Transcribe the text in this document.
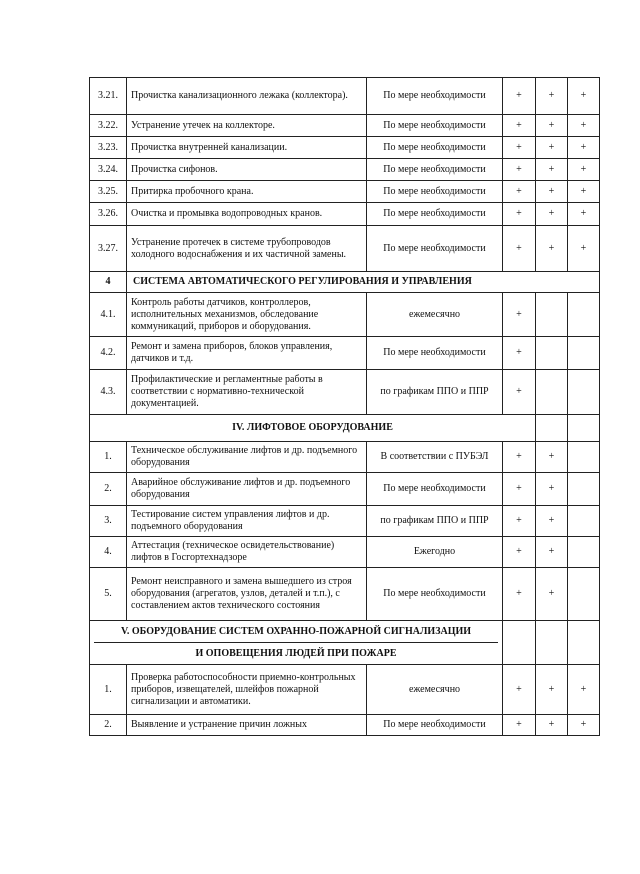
3.21.	Прочистка канализационного лежака (коллектора).	По мере необходимости	+	+	+
3.22.	Устранение утечек на коллекторе.	По мере необходимости	+	+	+
3.23.	Прочистка внутренней канализации.	По мере необходимости	+	+	+
3.24.	Прочистка сифонов.	По мере необходимости	+	+	+
3.25.	Притирка пробочного крана.	По мере необходимости	+	+	+
3.26.	Очистка и промывка водопроводных кранов.	По мере необходимости	+	+	+
3.27.	Устранение протечек в системе трубопроводов холодного водоснабжения и их частичной замены.	По мере необходимости	+	+	+
4	СИСТЕМА АВТОМАТИЧЕСКОГО РЕГУЛИРОВАНИЯ И УПРАВЛЕНИЯ				
4.1.	Контроль работы датчиков, контроллеров, исполнительных механизмов, обследование коммуникаций, приборов и оборудования.	ежемесячно	+		
4.2.	Ремонт и замена приборов, блоков управления, датчиков и т.д.	По мере необходимости	+		
4.3.	Профилактические и регламентные работы в соответствии с нормативно-технической документацией.	по графикам ППО и ППР	+		
IV. ЛИФТОВОЕ ОБОРУДОВАНИЕ					
1.	Техническое обслуживание лифтов и др. подъемного оборудования	В соответствии с ПУБЭЛ	+	+	
2.	Аварийное обслуживание лифтов и др. подъемного оборудования	По мере необходимости	+	+	
3.	Тестирование систем управления лифтов и др. подъемного оборудования	по графикам ППО и ППР	+	+	
4.	Аттестация (техническое освидетельствование) лифтов в Госгортехнадзоре	Ежегодно	+	+	
5.	Ремонт неисправного и замена вышедшего из строя оборудования (агрегатов, узлов, деталей и т.п.), с составлением актов технического состояния	По мере необходимости	+	+	

V. ОБОРУДОВАНИЕ СИСТЕМ ОХРАННО-ПОЖАРНОЙ СИГНАЛИЗАЦИИ
И ОПОВЕЩЕНИЯ ЛЮДЕЙ ПРИ ПОЖАРЕ					

1.	Проверка работоспособности приемно-контрольных приборов, извещателей, шлейфов пожарной сигнализации и автоматики.	ежемесячно	+	+	+
2.	Выявление и устранение причин ложных	По мере необходимости	+	+	+
